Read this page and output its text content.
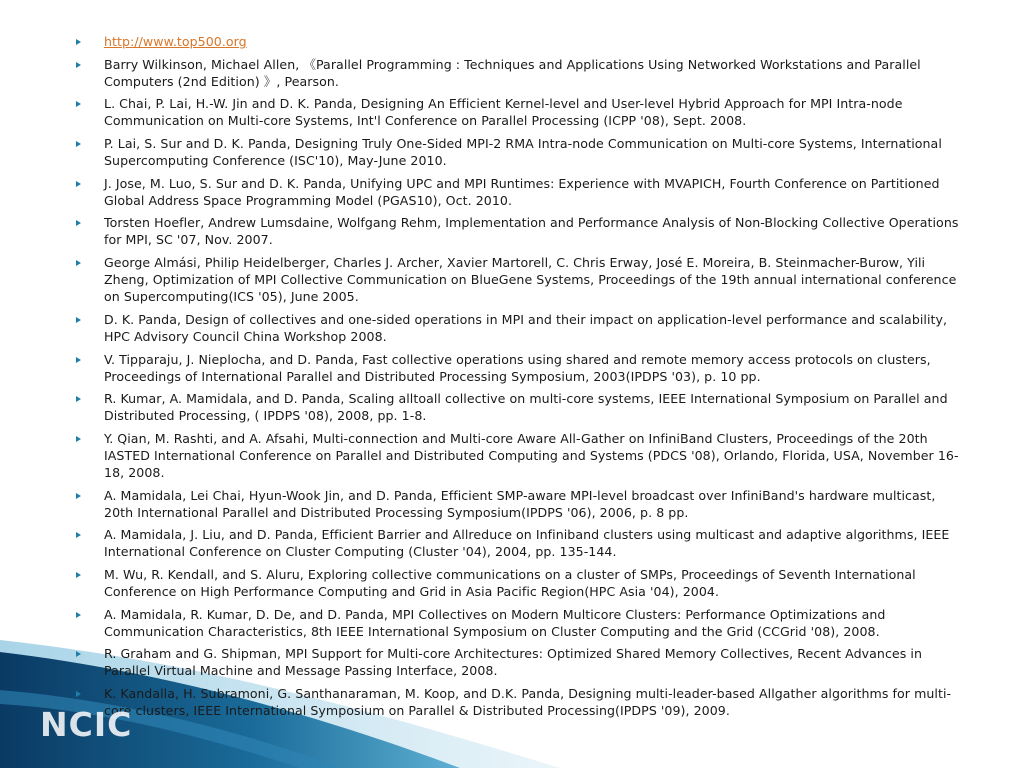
http://www.top500.org
Barry Wilkinson, Michael Allen, 《Parallel Programming : Techniques and Applications Using Networked Workstations and Parallel Computers (2nd Edition) 》, Pearson.
L. Chai, P. Lai, H.-W. Jin and D. K. Panda, Designing An Efficient Kernel-level and User-level Hybrid Approach for MPI Intra-node Communication on Multi-core Systems, Int'l Conference on Parallel Processing (ICPP '08), Sept. 2008.
P. Lai, S. Sur and D. K. Panda, Designing Truly One-Sided MPI-2 RMA Intra-node Communication on Multi-core Systems, International Supercomputing Conference (ISC'10), May-June 2010.
J. Jose, M. Luo, S. Sur and D. K. Panda, Unifying UPC and MPI Runtimes: Experience with MVAPICH, Fourth Conference on Partitioned Global Address Space Programming Model (PGAS10), Oct. 2010.
Torsten Hoefler, Andrew Lumsdaine, Wolfgang Rehm, Implementation and Performance Analysis of Non-Blocking Collective Operations for MPI, SC '07, Nov. 2007.
George Almási, Philip Heidelberger, Charles J. Archer, Xavier Martorell, C. Chris Erway, José E. Moreira, B. Steinmacher-Burow, Yili Zheng, Optimization of MPI Collective Communication on BlueGene Systems, Proceedings of the 19th annual international conference on Supercomputing(ICS '05), June 2005.
D. K. Panda, Design of collectives and one-sided operations in MPI and their impact on application-level performance and scalability, HPC Advisory Council China Workshop 2008.
V. Tipparaju, J. Nieplocha, and D. Panda, Fast collective operations using shared and remote memory access protocols on clusters, Proceedings of International Parallel and Distributed Processing Symposium, 2003(IPDPS '03), p. 10 pp.
R. Kumar, A. Mamidala, and D. Panda, Scaling alltoall collective on multi-core systems, IEEE International Symposium on Parallel and Distributed Processing, ( IPDPS '08), 2008, pp. 1-8.
Y. Qian, M. Rashti, and A. Afsahi, Multi-connection and Multi-core Aware All-Gather on InfiniBand Clusters, Proceedings of the 20th IASTED International Conference on Parallel and Distributed Computing and Systems (PDCS '08), Orlando, Florida, USA, November 16-18, 2008.
A. Mamidala, Lei Chai, Hyun-Wook Jin, and D. Panda, Efficient SMP-aware MPI-level broadcast over InfiniBand's hardware multicast, 20th International Parallel and Distributed Processing Symposium(IPDPS '06), 2006, p. 8 pp.
A. Mamidala, J. Liu, and D. Panda, Efficient Barrier and Allreduce on Infiniband clusters using multicast and adaptive algorithms, IEEE International Conference on Cluster Computing (Cluster '04), 2004, pp. 135-144.
M. Wu, R. Kendall, and S. Aluru, Exploring collective communications on a cluster of SMPs, Proceedings of Seventh International Conference on High Performance Computing and Grid in Asia Pacific Region(HPC Asia '04), 2004.
A. Mamidala, R. Kumar, D. De, and D. Panda, MPI Collectives on Modern Multicore Clusters: Performance Optimizations and Communication Characteristics, 8th IEEE International Symposium on Cluster Computing and the Grid (CCGrid '08), 2008.
R. Graham and G. Shipman, MPI Support for Multi-core Architectures: Optimized Shared Memory Collectives, Recent Advances in Parallel Virtual Machine and Message Passing Interface, 2008.
K. Kandalla, H. Subramoni, G. Santhanaraman, M. Koop, and D.K. Panda, Designing multi-leader-based Allgather algorithms for multi-core clusters, IEEE International Symposium on Parallel & Distributed Processing(IPDPS '09), 2009.
NCIC
